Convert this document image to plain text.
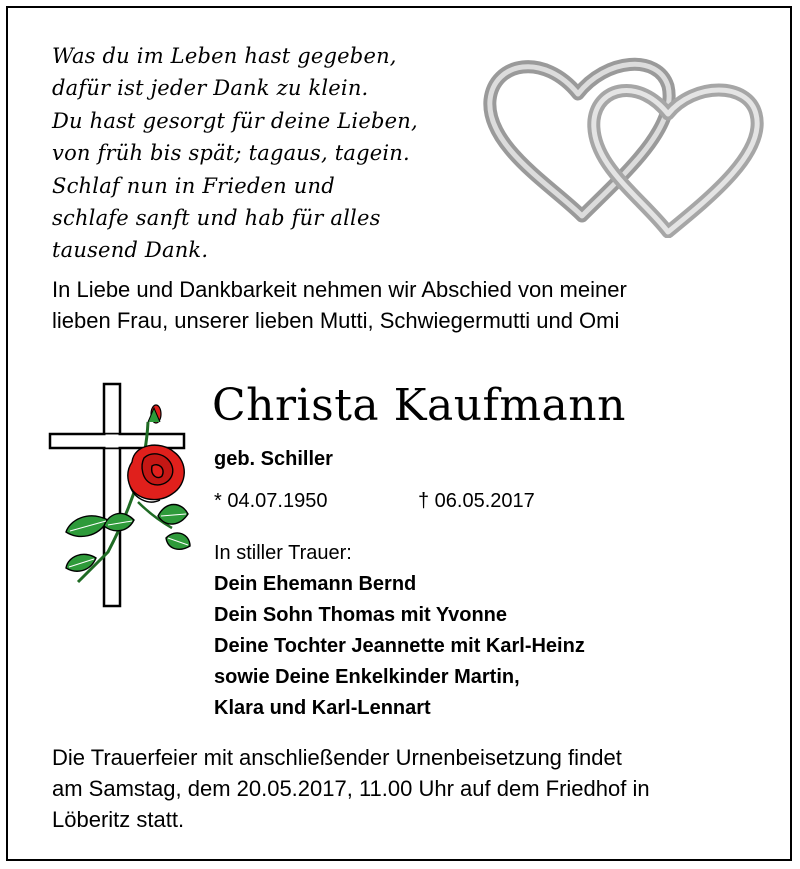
Was du im Leben hast gegeben,
dafür ist jeder Dank zu klein.
Du hast gesorgt für deine Lieben,
von früh bis spät; tagaus, tagein.
Schlaf nun in Frieden und
schlafe sanft und hab für alles
tausend Dank.
In Liebe und Dankbarkeit nehmen wir Abschied von meiner
lieben Frau, unserer lieben Mutti, Schwiegermutti und Omi
Christa Kaufmann
geb. Schiller
* 04.07.1950	† 06.05.2017
In stiller Trauer:
Dein Ehemann Bernd
Dein Sohn Thomas mit Yvonne
Deine Tochter Jeannette mit Karl-Heinz
sowie Deine Enkelkinder Martin,
Klara und Karl-Lennart
Die Trauerfeier mit anschließender Urnenbeisetzung findet
am Samstag, dem 20.05.2017, 11.00 Uhr auf dem Friedhof in
Löberitz statt.
